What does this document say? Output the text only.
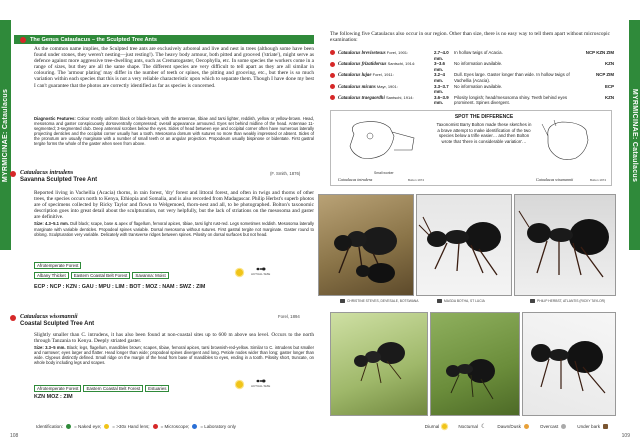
MYRMICINAE: Cataulacus
The Genus Cataulacus – the Sculpted Tree Ants

As the common name implies, the Sculpted tree ants are exclusively arboreal and live and nest in trees (although some have been found under stones, they weren't nesting—just resting!). The heavy body armour, both pitted and grooved ('striate'), might serve as defence against more aggressive tree-dwelling ants, such as Crematogaster, Oecophylla, etc. In some species the workers come in a range of sizes, but they are all the same shape. The different species are very difficult to tell apart as they are all similar in colouring. The 'armour plating' may differ in the number of teeth or spines, the pitting and grooving, etc., but there is so much variation within each species that this is not a very reliable characteristic upon which to separate them. Though I have done my best I can't guarantee that the photos are correctly identified as far as species is concerned.

Diagnostic Features: Colour mostly uniform black or black-brown, with the antennae, tibiae and tarsi lighter, reddish, yellow or yellow-brown. Head, mesosoma and gaster conspicuously dorsoventrally compressed; overall appearance armoured. Eyes set behind midline of the head. Antennae 11-segmented; 3-segmented club. Deep antennal scrobes below the eyes. Sides of head between eye and occipital corner often have numerous laterally projecting denticles and the occipital corner usually has a tooth. Mesosoma dorsum with sutures no more than weakly impressed or absent. Sides of the pronotum are usually marginate with a number of small teeth or an angular projection. Propodeum usually bispinose or bidentate. First gastral tergite forms the whole of the gaster when seen from above.

Cataulacus intrudens
Savanna Sculpted Tree Ant
(F. Smith, 1876)

Reported living in Vachellia (Acacia) thorns, in rain forest, 'dry' forest and littoral forest, and often in twigs and thorns of other trees, the species occurs north to Kenya, Ethiopia and Somalia, and is also recorded from Madagascar. Philip Herbst's superb photos are of specimens collected by Ricky Taylor and flown to Welgemoed, thorn-nest and all, to be photographed. Bolton's taxonomic description goes into great detail about the sculpturation, not very helpfully, but the lack of striations on the mesosoma and gaster are definitive.

Size: 4.3–5.1 mm. Dull black; scape, base & apex of flagellum, femoral apices, tibiae, tarsi light rust-red. Legs sometimes reddish. Mesosoma laterally marginate with variable denticles. Propodeal spines variable. Dorsal mesosoma without sutures. First gastral tergite not marginate. Gaster round to oblong. Sculpturation very variable. Delicately with transverse ridges between spines. Pilosity on dorsal surfaces but not head.

Afrotemperate Forest
Albany Thicket	Eastern Coastal Belt Forest	Savanna: Moist
ECP : NCP : KZN : GAU : MPU : LIM : BOT : MOZ : NAM : SWZ : ZIM
ACTUAL SIZE
Cataulacus wissmannii
Coastal Sculpted Tree Ant
Forel, 1894

Slightly smaller than C. intrudens, it has also been found at non-coastal sites up to 600 m above sea level. Occurs to the north through Tanzania to Kenya. Deeply striated gaster.

Size: 3.3–5 mm. Black; legs, flagellum, mandibles brown; scapes, tibiae, femoral apices, tarsi brownish-red-yellow. Similar to C. intrudens but smaller and narrower; eyes larger and flatter. Head longer than wide; propodeal spines divergent and long. Petiole nodes wider than long; gaster longer than wide. Clypeus distinctly defined. Small ridge on the margin of the head from base of mandibles to eyes, ending in a tooth. Pilosity short, truncate, on whole body including legs and scapes.

Afrotemperate Forest	Eastern Coastal Belt Forest	Estuaries
KZN MOZ : ZIM
ACTUAL SIZE
108
MYRMICINAE: Cataulacus
109

The following five Cataulacus also occur in our region. Other than size, there is no easy way to tell them apart without microscopic examination:

Cataulacus brevisetosus Forel, 1901:	2.7–4.0 mm.
In hollow twigs of Acacia.	NCP KZN ZIM
Cataulacus frizatidorsus Santschi, 1914:	3–3.6 mm.
No information available.	KZN
Cataulacus lujae Forel, 1911:	3.2–4 mm.
Dull. Eyes large. Gaster longer than wide. In hollow twigs of Vachellia (Acacia).
NCP ZIM
Cataulacus micans Mayr, 1901:	3.3–3.7 mm.
No information available.	ECP
Cataulacus traegaordhi Santschi, 1914:	3.6–3.9 mm.
Pilosity longish; head/mesosoma shiny. Teeth behind eyes prominent. Spines divergent.
KZN
Small worker
Cataulacus intrudens	Bolton 1974
SPOT THE DIFFERENCE
Taxonomist Barry Bolton made these sketches in a brave attempt to make identification of the two species below a trifle easier… and then Bolton wrote that 'there is considerable variation'…
Cataulacus wissmannii	Bolton 1974
CHRISTINE STEVES, DEVESALE, BOTSWANA	MAGDA BOTHA, ST LUCIA	PHILIP HERBST, ATLANTIS (RICKY TAYLOR)
Identification: = Naked eye; = >30x Hand lens; = Microscope; = Laboratory only	Diurnal	Nocturnal ☾ Dawn/Dusk	Overcast	Under bark
